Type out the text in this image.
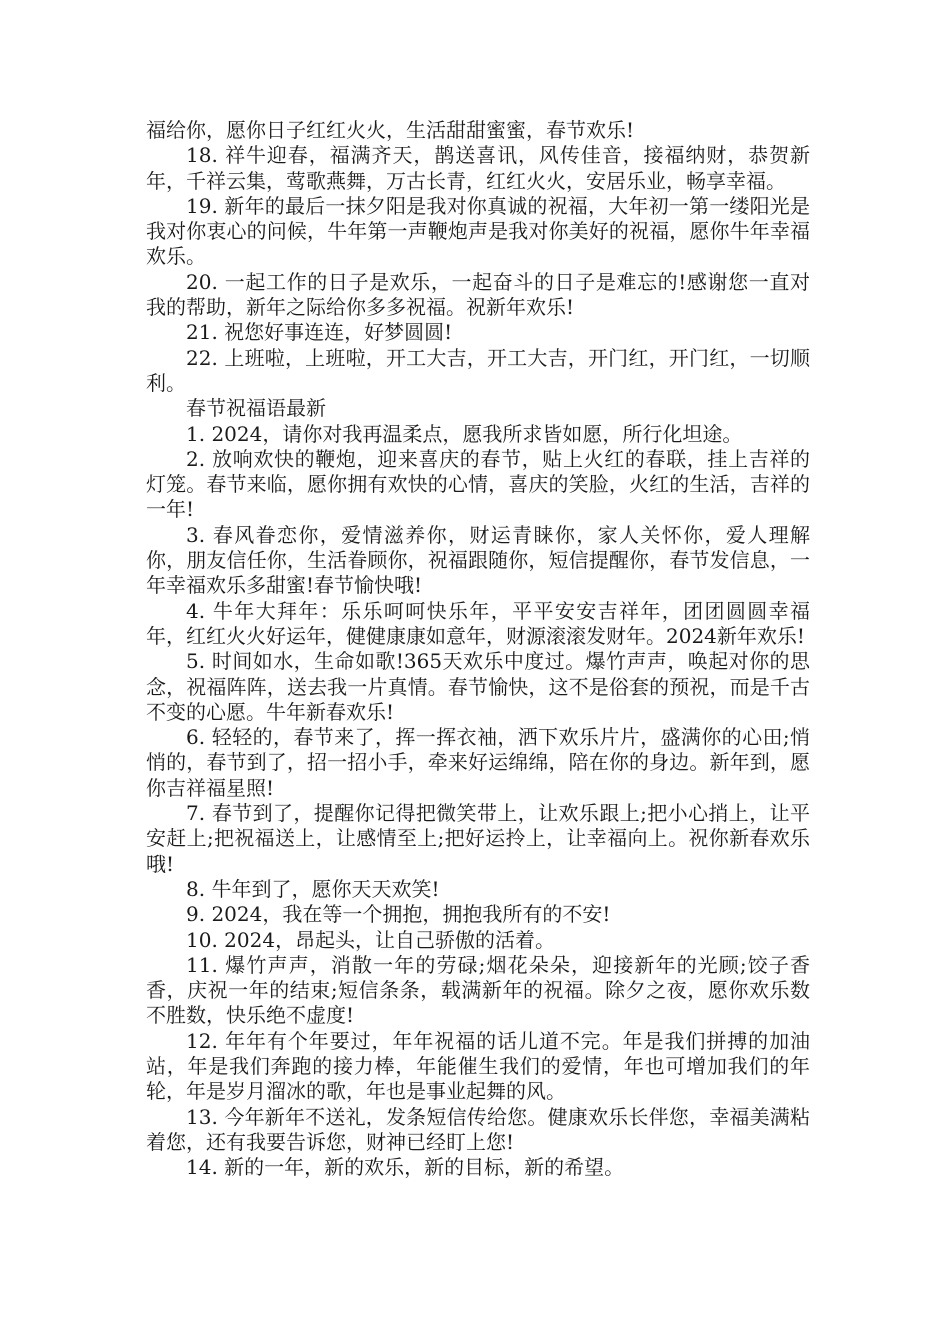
福给你，愿你日子红红火火，生活甜甜蜜蜜，春节欢乐!

18. 祥牛迎春，福满齐天，鹊送喜讯，风传佳音，接福纳财，恭贺新年，千祥云集，莺歌燕舞，万古长青，红红火火，安居乐业，畅享幸福。

19. 新年的最后一抹夕阳是我对你真诚的祝福，大年初一第一缕阳光是我对你衷心的问候，牛年第一声鞭炮声是我对你美好的祝福，愿你牛年幸福欢乐。

20. 一起工作的日子是欢乐，一起奋斗的日子是难忘的!感谢您一直对我的帮助，新年之际给你多多祝福。祝新年欢乐!

21. 祝您好事连连，好梦圆圆!

22. 上班啦，上班啦，开工大吉，开工大吉，开门红，开门红，一切顺利。

春节祝福语最新

1. 2024，请你对我再温柔点，愿我所求皆如愿，所行化坦途。

2. 放响欢快的鞭炮，迎来喜庆的春节，贴上火红的春联，挂上吉祥的灯笼。春节来临，愿你拥有欢快的心情，喜庆的笑脸，火红的生活，吉祥的一年!

3. 春风眷恋你，爱情滋养你，财运青睐你，家人关怀你，爱人理解你，朋友信任你，生活眷顾你，祝福跟随你，短信提醒你，春节发信息，一年幸福欢乐多甜蜜!春节愉快哦!

4. 牛年大拜年：乐乐呵呵快乐年，平平安安吉祥年，团团圆圆幸福年，红红火火好运年，健健康康如意年，财源滚滚发财年。2024新年欢乐!

5. 时间如水，生命如歌!365天欢乐中度过。爆竹声声，唤起对你的思念，祝福阵阵，送去我一片真情。春节愉快，这不是俗套的预祝，而是千古不变的心愿。牛年新春欢乐!

6. 轻轻的，春节来了，挥一挥衣袖，洒下欢乐片片，盛满你的心田;悄悄的，春节到了，招一招小手，牵来好运绵绵，陪在你的身边。新年到，愿你吉祥福星照!

7. 春节到了，提醒你记得把微笑带上，让欢乐跟上;把小心捎上，让平安赶上;把祝福送上，让感情至上;把好运拎上，让幸福向上。祝你新春欢乐哦!

8. 牛年到了，愿你天天欢笑!

9. 2024，我在等一个拥抱，拥抱我所有的不安!

10. 2024，昂起头，让自己骄傲的活着。

11. 爆竹声声，消散一年的劳碌;烟花朵朵，迎接新年的光顾;饺子香香，庆祝一年的结束;短信条条，载满新年的祝福。除夕之夜，愿你欢乐数不胜数，快乐绝不虚度!

12. 年年有个年要过，年年祝福的话儿道不完。年是我们拼搏的加油站，年是我们奔跑的接力棒，年能催生我们的爱情，年也可增加我们的年轮，年是岁月溜冰的歌，年也是事业起舞的风。

13. 今年新年不送礼，发条短信传给您。健康欢乐长伴您，幸福美满粘着您，还有我要告诉您，财神已经盯上您!

14. 新的一年，新的欢乐，新的目标，新的希望。
